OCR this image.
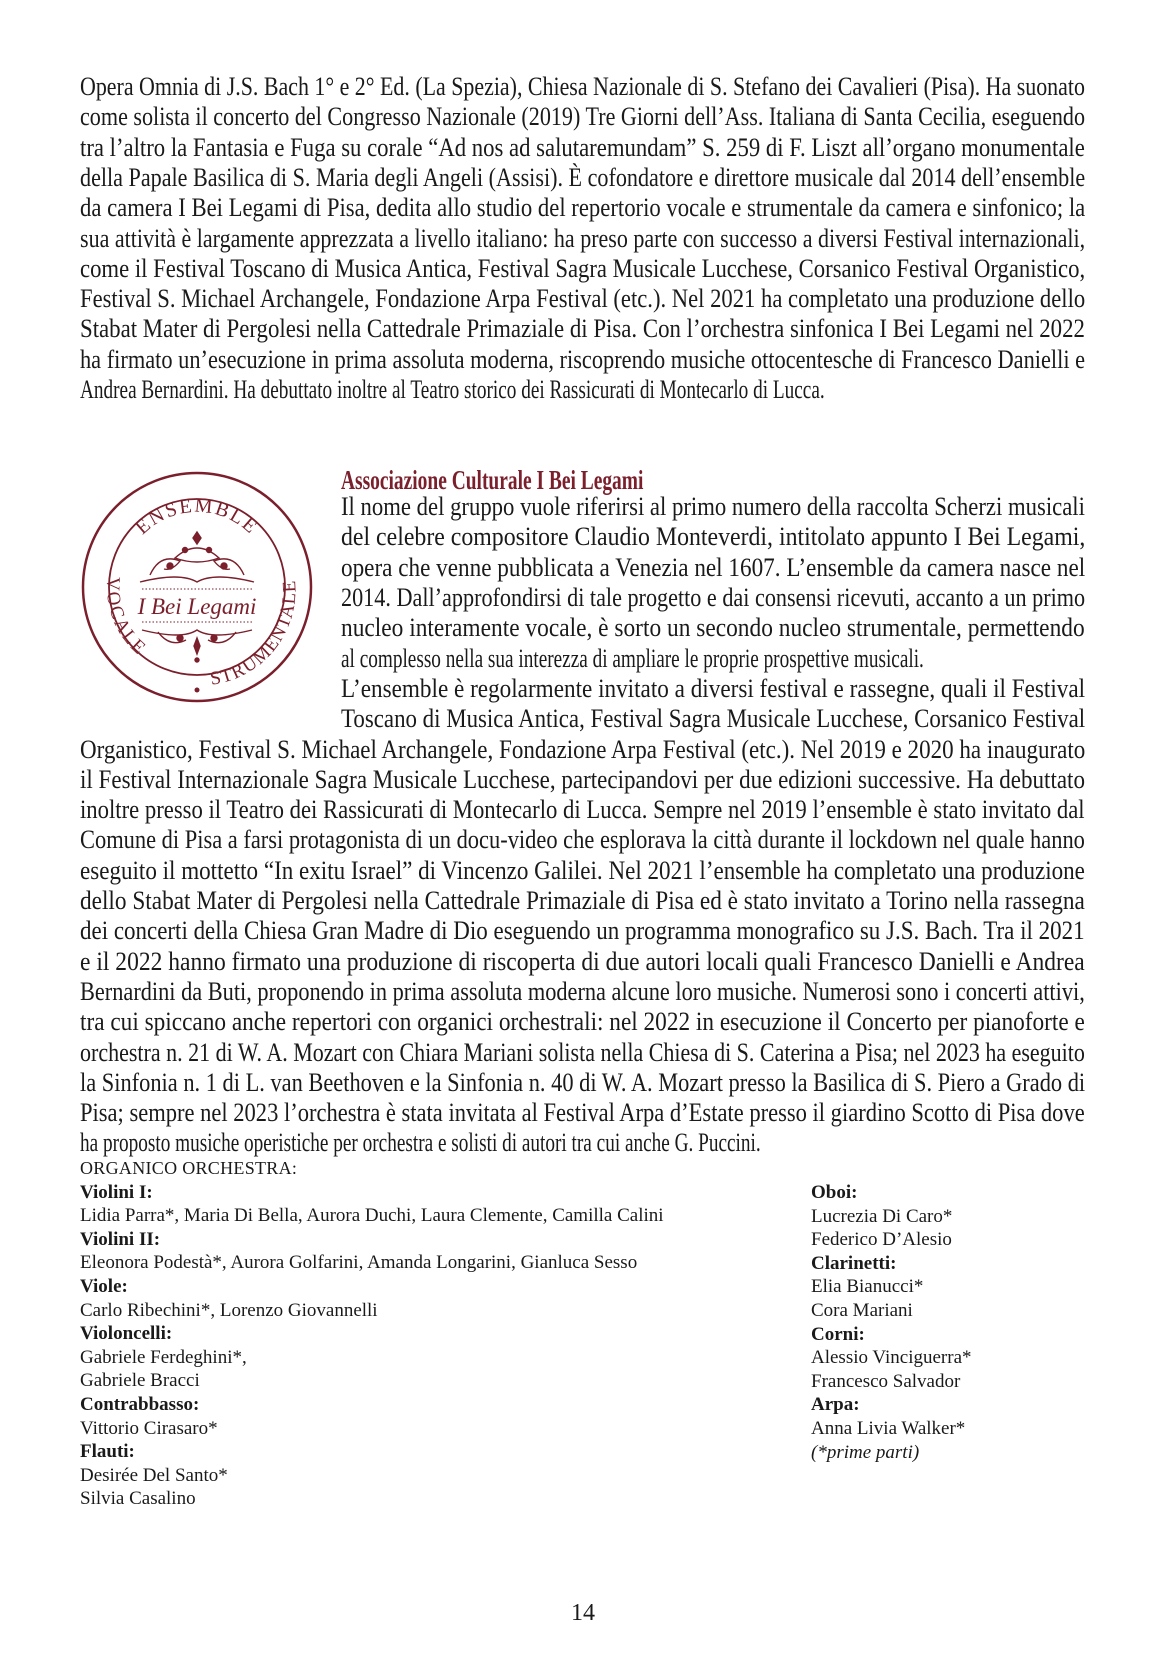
Opera Omnia di J.S. Bach 1° e 2° Ed. (La Spezia), Chiesa Nazionale di S. Stefano dei Cavalieri (Pisa). Ha suonato
come solista il concerto del Congresso Nazionale (2019) Tre Giorni dell’Ass. Italiana di Santa Cecilia, eseguendo
tra l’altro la Fantasia e Fuga su corale “Ad nos ad salutaremundam” S. 259 di F. Liszt all’organo monumentale
della Papale Basilica di S. Maria degli Angeli (Assisi). È cofondatore e direttore musicale dal 2014 dell’ensemble
da camera I Bei Legami di Pisa, dedita allo studio del repertorio vocale e strumentale da camera e sinfonico; la
sua attività è largamente apprezzata a livello italiano: ha preso parte con successo a diversi Festival internazionali,
come il Festival Toscano di Musica Antica, Festival Sagra Musicale Lucchese, Corsanico Festival Organistico,
Festival S. Michael Archangele, Fondazione Arpa Festival (etc.). Nel 2021 ha completato una produzione dello
Stabat Mater di Pergolesi nella Cattedrale Primaziale di Pisa. Con l’orchestra sinfonica I Bei Legami nel 2022
ha firmato un’esecuzione in prima assoluta moderna, riscoprendo musiche ottocentesche di Francesco Danielli e
Andrea Bernardini. Ha debuttato inoltre al Teatro storico dei Rassicurati di Montecarlo di Lucca.
Associazione Culturale I Bei Legami
ENSEMBLE
VOCALE
STRUMENTALE
I Bei Legami
Il nome del gruppo vuole riferirsi al primo numero della raccolta Scherzi musicali
del celebre compositore Claudio Monteverdi, intitolato appunto I Bei Legami,
opera che venne pubblicata a Venezia nel 1607. L’ensemble da camera nasce nel
2014. Dall’approfondirsi di tale progetto e dai consensi ricevuti, accanto a un primo
nucleo interamente vocale, è sorto un secondo nucleo strumentale, permettendo
al complesso nella sua interezza di ampliare le proprie prospettive musicali.
L’ensemble è regolarmente invitato a diversi festival e rassegne, quali il Festival
Toscano di Musica Antica, Festival Sagra Musicale Lucchese, Corsanico Festival
Organistico, Festival S. Michael Archangele, Fondazione Arpa Festival (etc.). Nel 2019 e 2020 ha inaugurato
il Festival Internazionale Sagra Musicale Lucchese, partecipandovi per due edizioni successive. Ha debuttato
inoltre presso il Teatro dei Rassicurati di Montecarlo di Lucca. Sempre nel 2019 l’ensemble è stato invitato dal
Comune di Pisa a farsi protagonista di un docu-video che esplorava la città durante il lockdown nel quale hanno
eseguito il mottetto “In exitu Israel” di Vincenzo Galilei. Nel 2021 l’ensemble ha completato una produzione
dello Stabat Mater di Pergolesi nella Cattedrale Primaziale di Pisa ed è stato invitato a Torino nella rassegna
dei concerti della Chiesa Gran Madre di Dio eseguendo un programma monografico su J.S. Bach. Tra il 2021
e il 2022 hanno firmato una produzione di riscoperta di due autori locali quali Francesco Danielli e Andrea
Bernardini da Buti, proponendo in prima assoluta moderna alcune loro musiche. Numerosi sono i concerti attivi,
tra cui spiccano anche repertori con organici orchestrali: nel 2022 in esecuzione il Concerto per pianoforte e
orchestra n. 21 di W. A. Mozart con Chiara Mariani solista nella Chiesa di S. Caterina a Pisa; nel 2023 ha eseguito
la Sinfonia n. 1 di L. van Beethoven e la Sinfonia n. 40 di W. A. Mozart presso la Basilica di S. Piero a Grado di
Pisa; sempre nel 2023 l’orchestra è stata invitata al Festival Arpa d’Estate presso il giardino Scotto di Pisa dove
ha proposto musiche operistiche per orchestra e solisti di autori tra cui anche G. Puccini.
ORGANICO ORCHESTRA:
Violini I:
Lidia Parra*, Maria Di Bella, Aurora Duchi, Laura Clemente, Camilla Calini
Violini II:
Eleonora Podestà*, Aurora Golfarini, Amanda Longarini, Gianluca Sesso
Viole:
Carlo Ribechini*, Lorenzo Giovannelli
Violoncelli:
Gabriele Ferdeghini*,
Gabriele Bracci
Contrabbasso:
Vittorio Cirasaro*
Flauti:
Desirée Del Santo*
Silvia Casalino
Oboi:
Lucrezia Di Caro*
Federico D’Alesio
Clarinetti:
Elia Bianucci*
Cora Mariani
Corni:
Alessio Vinciguerra*
Francesco Salvador
Arpa:
Anna Livia Walker*
(*prime parti)
14
